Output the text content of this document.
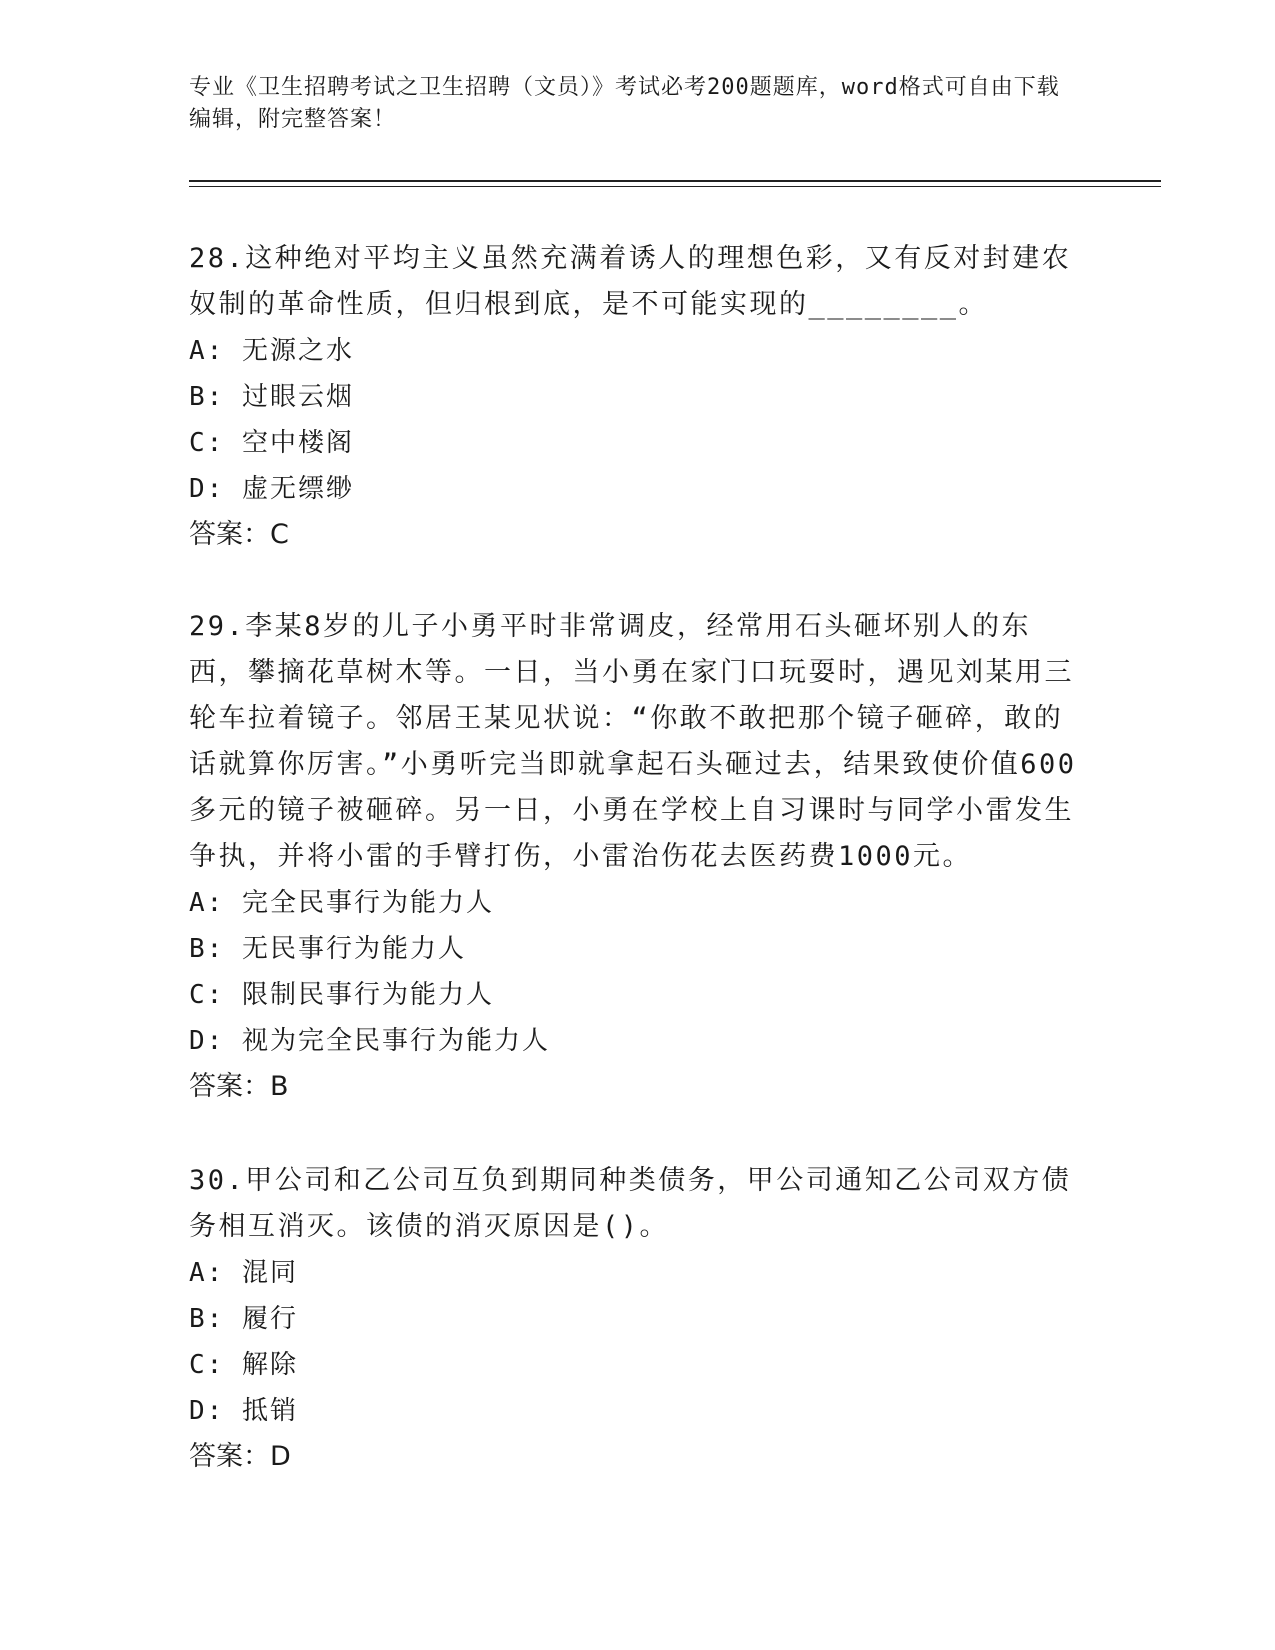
专业《卫生招聘考试之卫生招聘（文员）》考试必考200题题库，word格式可自由下载编辑，附完整答案！

28.这种绝对平均主义虽然充满着诱人的理想色彩，又有反对封建农奴制的革命性质，但归根到底，是不可能实现的________。

A: 无源之水

B: 过眼云烟

C: 空中楼阁

D: 虚无缥缈

答案：C

29.李某8岁的儿子小勇平时非常调皮，经常用石头砸坏别人的东西，攀摘花草树木等。一日，当小勇在家门口玩耍时，遇见刘某用三轮车拉着镜子。邻居王某见状说：“你敢不敢把那个镜子砸碎，敢的话就算你厉害。”小勇听完当即就拿起石头砸过去，结果致使价值600多元的镜子被砸碎。另一日，小勇在学校上自习课时与同学小雷发生争执，并将小雷的手臂打伤，小雷治伤花去医药费1000元。

A: 完全民事行为能力人

B: 无民事行为能力人

C: 限制民事行为能力人

D: 视为完全民事行为能力人

答案：B

30.甲公司和乙公司互负到期同种类债务，甲公司通知乙公司双方债务相互消灭。该债的消灭原因是()。

A: 混同

B: 履行

C: 解除

D: 抵销

答案：D
